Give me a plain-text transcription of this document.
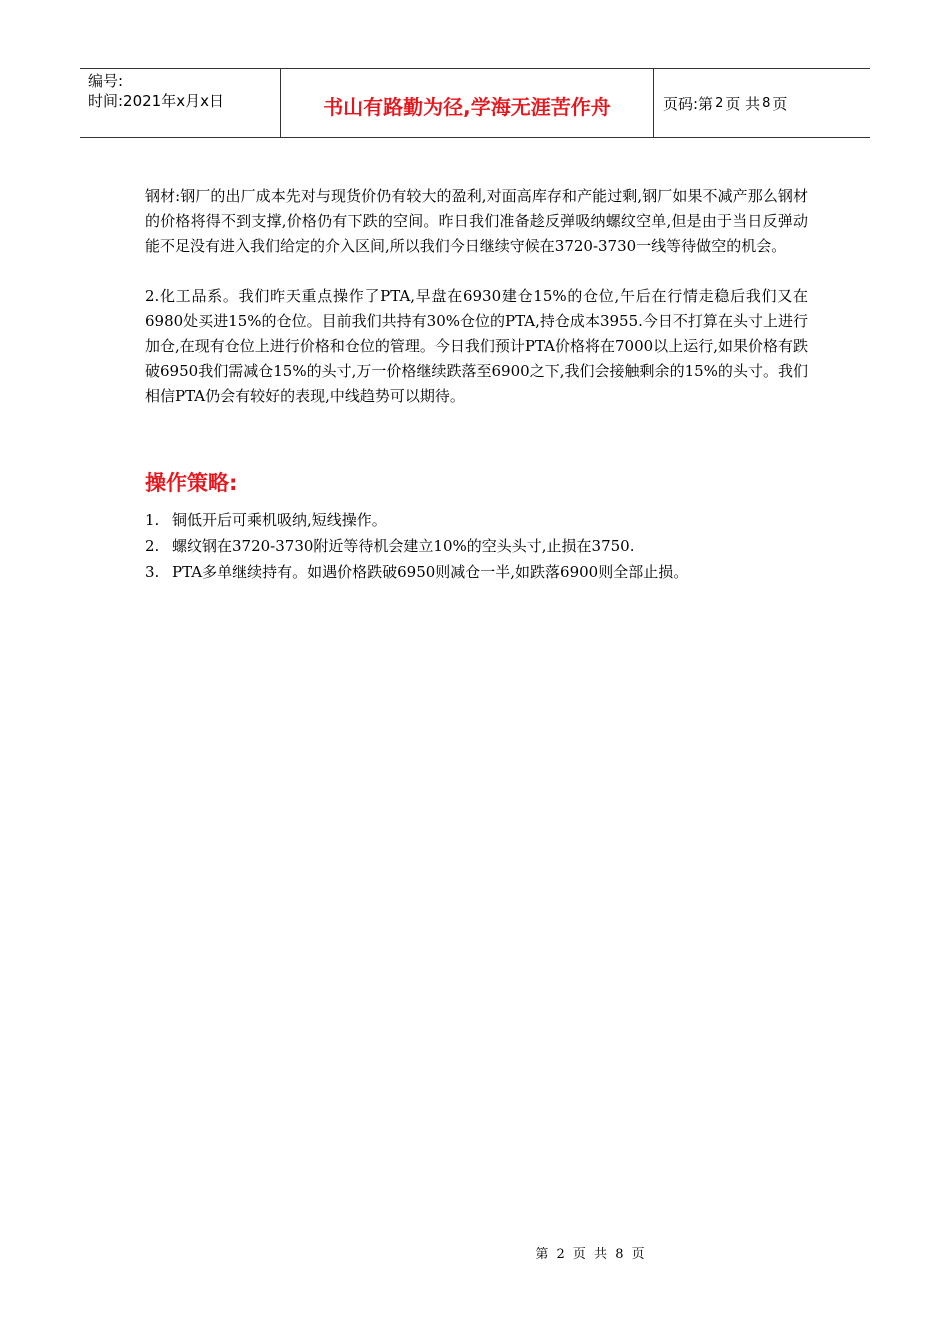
编号:
时间:2021年x月x日	书山有路勤为径,学海无涯苦作舟	页码:第 2 页 共 8 页

钢材:钢厂的出厂成本先对与现货价仍有较大的盈利,对面高库存和产能过剩,钢厂如果不减产那么钢材的价格将得不到支撑,价格仍有下跌的空间。昨日我们准备趁反弹吸纳螺纹空单,但是由于当日反弹动能不足没有进入我们给定的介入区间,所以我们今日继续守候在3720-3730一线等待做空的机会。

2.化工品系。我们昨天重点操作了PTA,早盘在6930建仓15%的仓位,午后在行情走稳后我们又在6980处买进15%的仓位。目前我们共持有30%仓位的PTA,持仓成本3955.今日不打算在头寸上进行加仓,在现有仓位上进行价格和仓位的管理。今日我们预计PTA价格将在7000以上运行,如果价格有跌破6950我们需减仓15%的头寸,万一价格继续跌落至6900之下,我们会接触剩余的15%的头寸。我们相信PTA仍会有较好的表现,中线趋势可以期待。

操作策略:
1. 铜低开后可乘机吸纳,短线操作。
2. 螺纹钢在3720-3730附近等待机会建立10%的空头头寸,止损在3750.
3. PTA多单继续持有。如遇价格跌破6950则减仓一半,如跌落6900则全部止损。
第 2 页 共 8 页
